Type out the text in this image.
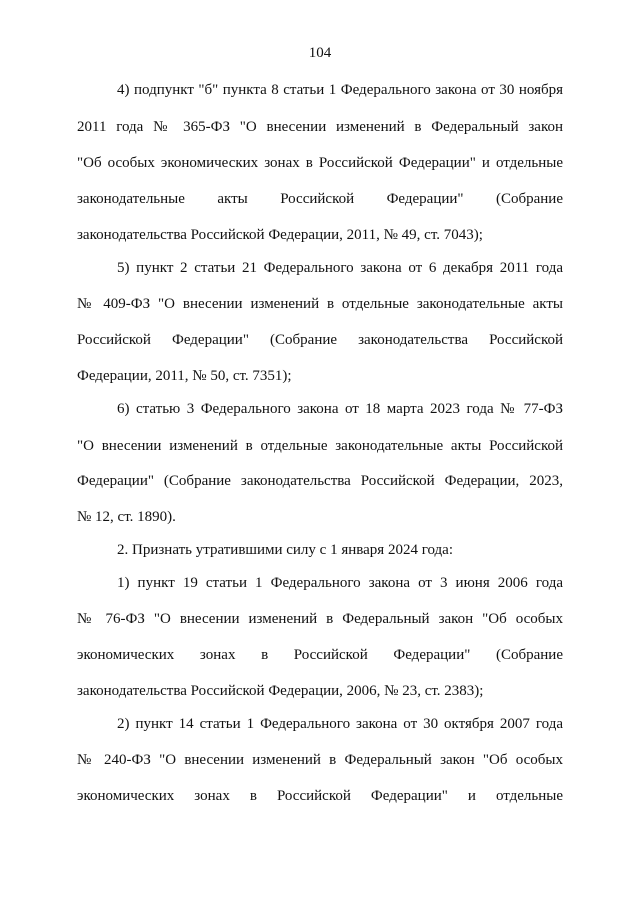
104
4) подпункт "б" пункта 8 статьи 1 Федерального закона от 30 ноября
2011 года № 365-ФЗ "О внесении изменений в Федеральный закон
"Об особых экономических зонах в Российской Федерации" и отдельные
законодательные акты Российской Федерации" (Собрание
законодательства Российской Федерации, 2011, № 49, ст. 7043);
5) пункт 2 статьи 21 Федерального закона от 6 декабря 2011 года
№ 409-ФЗ "О внесении изменений в отдельные законодательные акты
Российской Федерации" (Собрание законодательства Российской
Федерации, 2011, № 50, ст. 7351);
6) статью 3 Федерального закона от 18 марта 2023 года № 77-ФЗ
"О внесении изменений в отдельные законодательные акты Российской
Федерации" (Собрание законодательства Российской Федерации, 2023,
№ 12, ст. 1890).
2. Признать утратившими силу с 1 января 2024 года:
1) пункт 19 статьи 1 Федерального закона от 3 июня 2006 года
№ 76-ФЗ "О внесении изменений в Федеральный закон "Об особых
экономических зонах в Российской Федерации" (Собрание
законодательства Российской Федерации, 2006, № 23, ст. 2383);
2) пункт 14 статьи 1 Федерального закона от 30 октября 2007 года
№ 240-ФЗ "О внесении изменений в Федеральный закон "Об особых
экономических зонах в Российской Федерации" и отдельные
